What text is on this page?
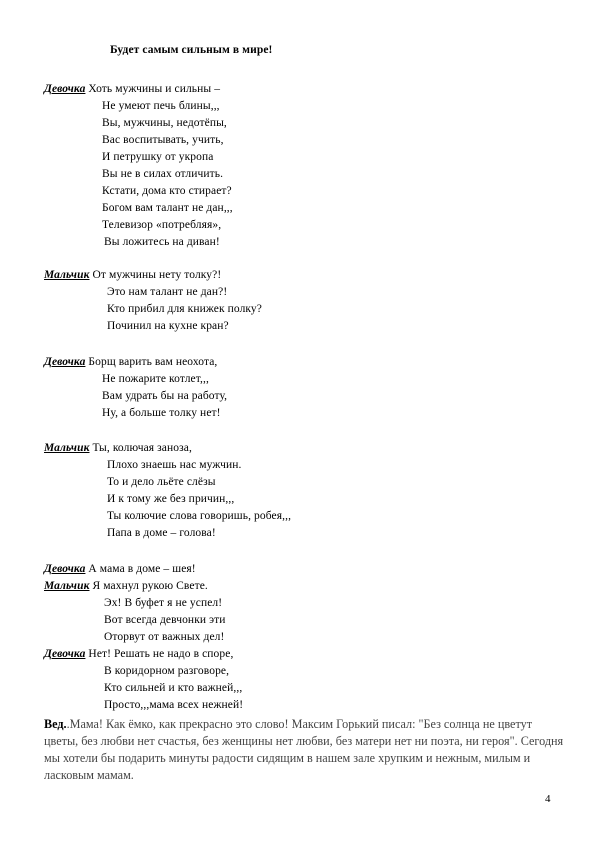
Будет самым сильным в мире!
Девочка Хоть мужчины и сильны –
Не умеют печь блины,,,
Вы, мужчины, недотёпы,
Вас воспитывать, учить,
И петрушку от укропа
Вы не в силах отличить.
Кстати, дома кто стирает?
Богом вам талант не дан,,,
Телевизор «потребляя»,
Вы ложитесь на диван!
Мальчик От мужчины нету толку?!
Это нам талант не дан?!
Кто прибил для книжек полку?
Починил на кухне кран?
Девочка Борщ варить вам неохота,
Не пожарите котлет,,,
Вам удрать бы на работу,
Ну, а больше толку нет!
Мальчик Ты, колючая заноза,
Плохо знаешь нас мужчин.
То и дело льёте слёзы
И к тому же без причин,,,
Ты колючие слова говоришь, робея,,,
Папа в доме – голова!
Девочка А мама в доме – шея!
Мальчик Я махнул рукою Свете.
Эх! В буфет я не успел!
Вот всегда девчонки эти
Оторвут от важных дел!
Девочка Нет! Решать не надо в споре,
В коридорном разговоре,
Кто сильней и кто важней,,,
Просто,,,мама всех нежней!
Вед..Мама! Как ёмко, как прекрасно это слово! Максим Горький писал: "Без солнца не цветут цветы, без любви нет счастья, без женщины нет любви, без матери нет ни поэта, ни героя". Сегодня мы хотели бы подарить минуты радости сидящим в нашем зале хрупким и нежным, милым и ласковым мамам.
4
